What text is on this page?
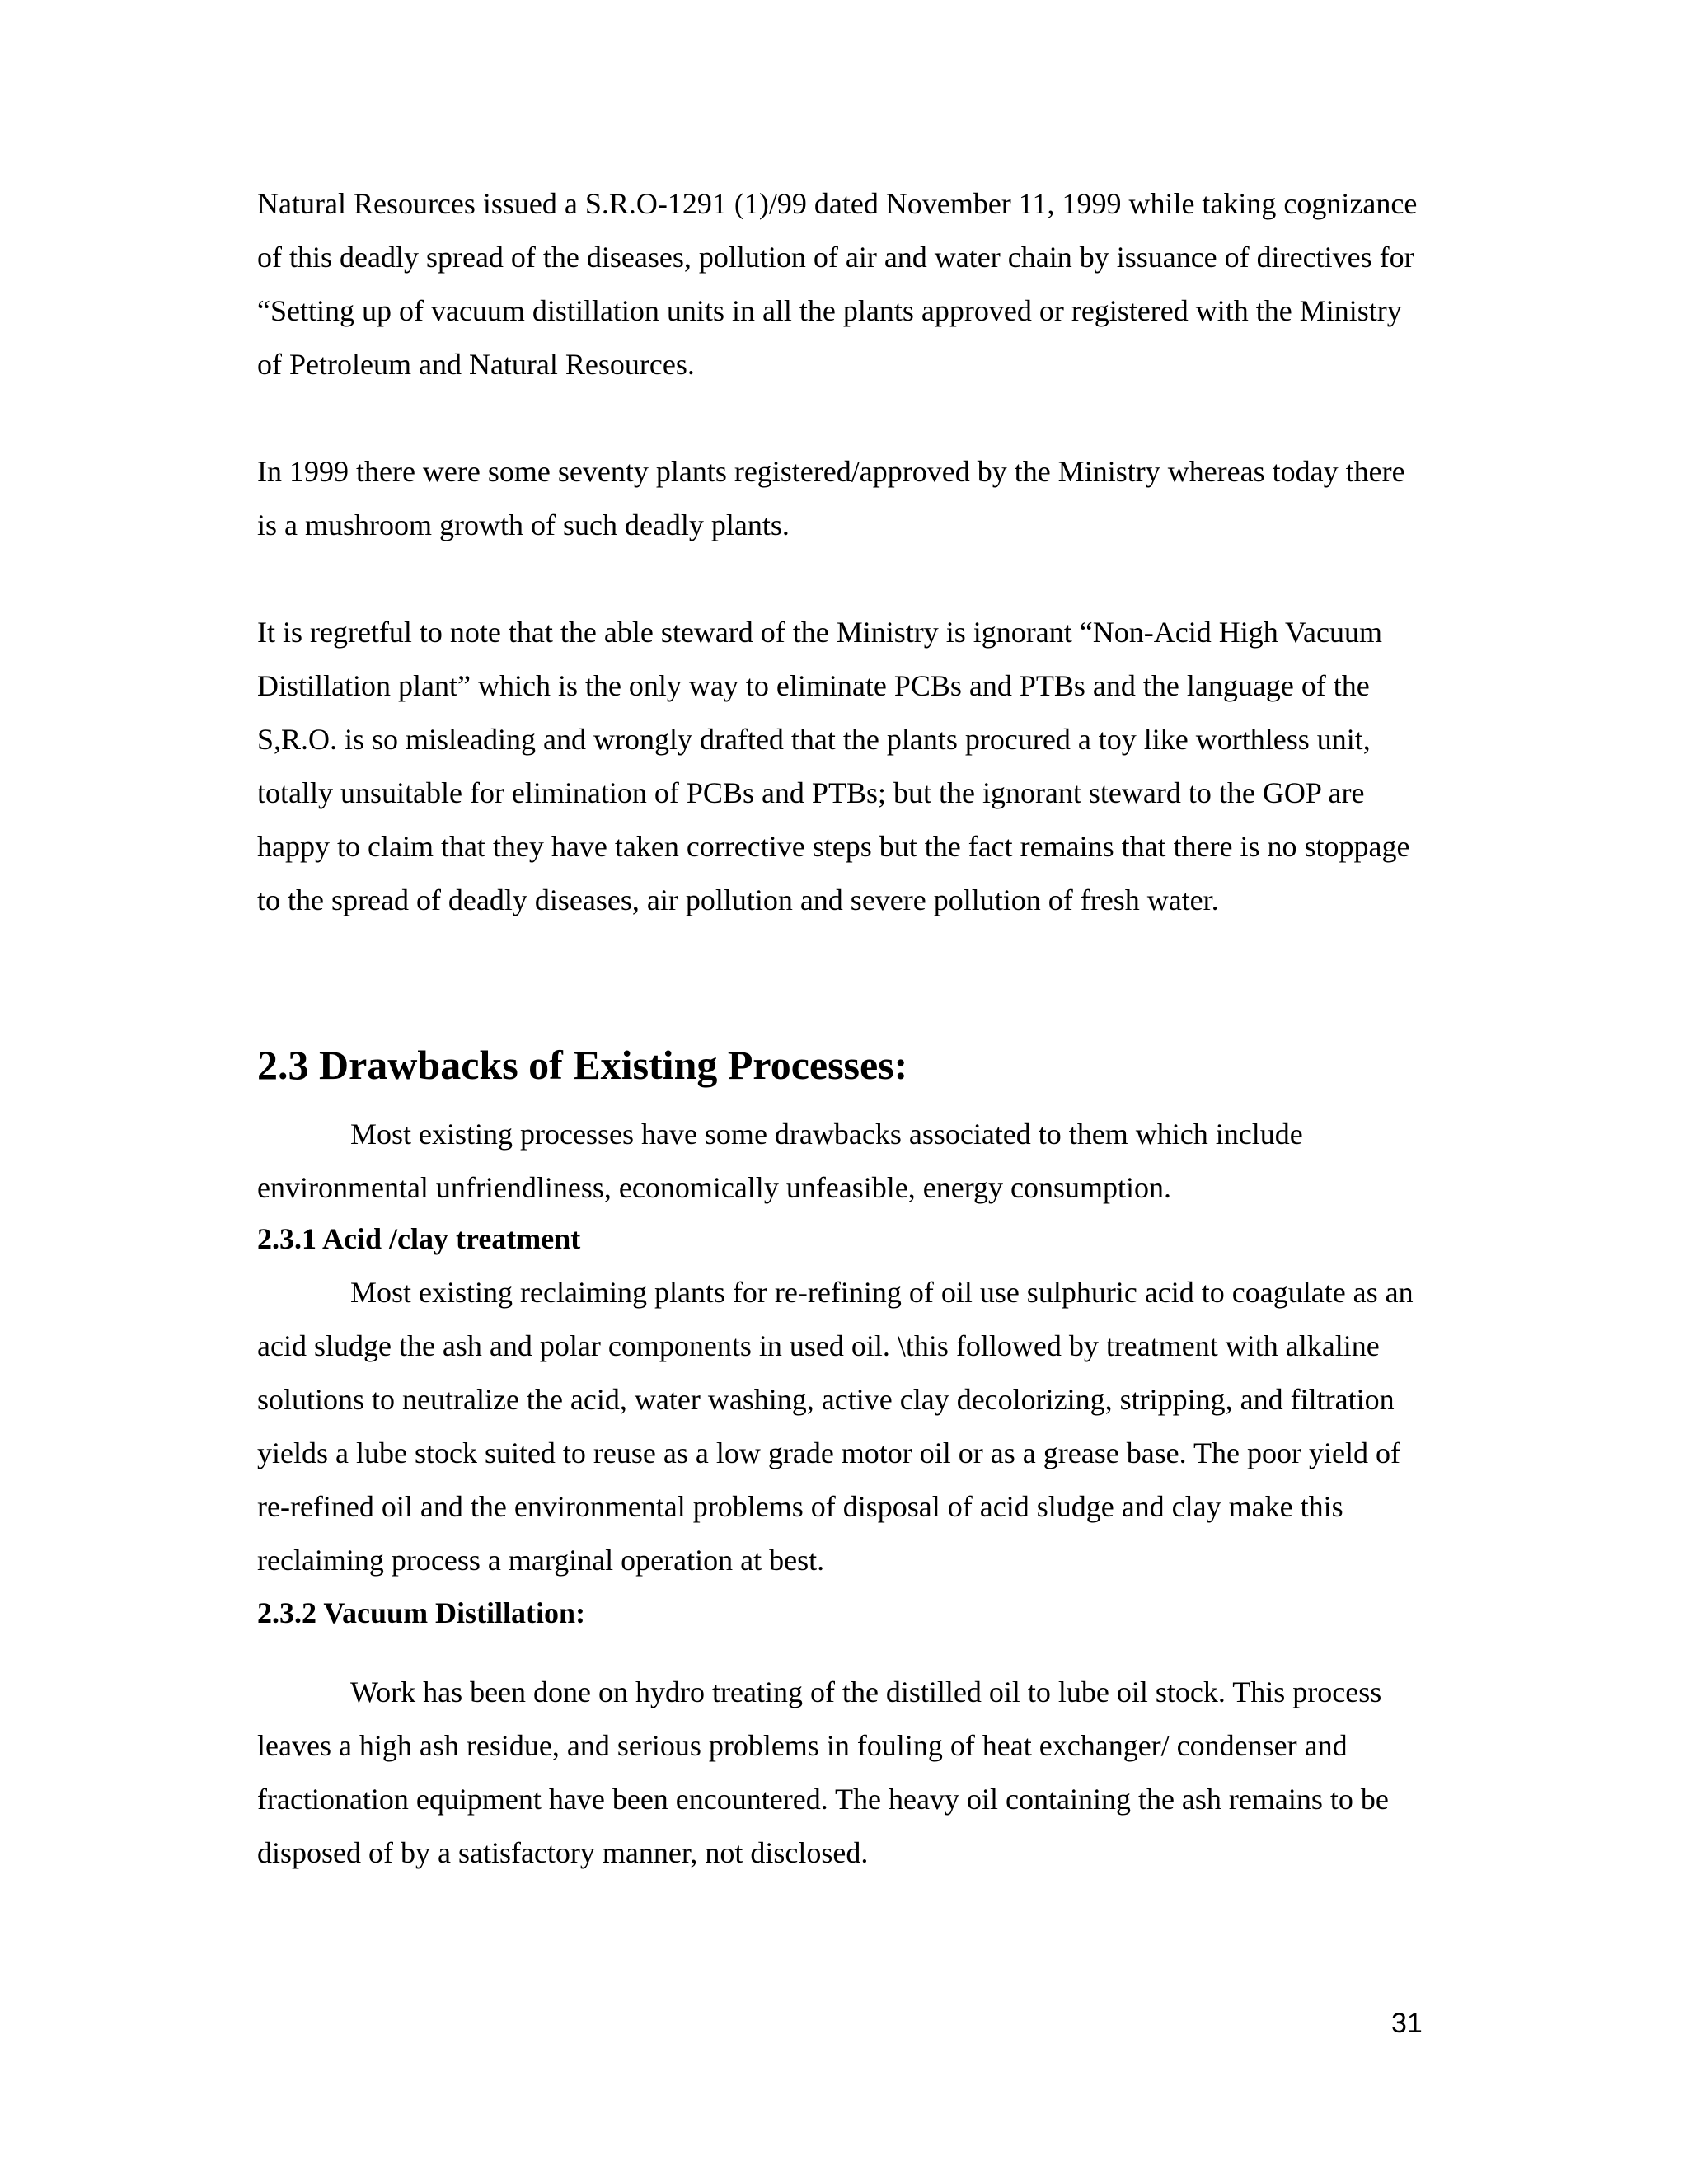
Natural Resources issued a S.R.O-1291 (1)/99 dated November 11, 1999 while taking cognizance of this deadly spread of the diseases, pollution of air and water chain by issuance of directives for “Setting up of vacuum distillation units in all the plants approved or registered with the Ministry of Petroleum and Natural Resources.

In 1999 there were some seventy plants registered/approved by the Ministry whereas today there is a mushroom growth of such deadly plants.

It is regretful to note that the able steward of the Ministry is ignorant “Non-Acid High Vacuum Distillation plant” which is the only way to eliminate PCBs and PTBs and the language of the S,R.O. is so misleading and wrongly drafted that the plants procured a toy like worthless unit, totally unsuitable for elimination of PCBs and PTBs; but the ignorant steward to the GOP are happy to claim that they have taken corrective steps but the fact remains that there is no stoppage to the spread of deadly diseases, air pollution and severe pollution of fresh water.

2.3 Drawbacks of Existing Processes:

Most existing processes have some drawbacks associated to them which include environmental unfriendliness, economically unfeasible, energy consumption.

2.3.1 Acid /clay treatment

Most existing reclaiming plants for re-refining of oil use sulphuric acid to coagulate as an acid sludge the ash and polar components in used oil. \this followed by treatment with alkaline solutions to neutralize the acid, water washing, active clay decolorizing, stripping, and filtration yields a lube stock suited to reuse as a low grade motor oil or as a grease base. The poor yield of re-refined oil and the environmental problems of disposal of acid sludge and clay make this reclaiming process a marginal operation at best.

2.3.2 Vacuum Distillation:

Work has been done on hydro treating of the distilled oil to lube oil stock. This process leaves a high ash residue, and serious problems in fouling of heat exchanger/ condenser and fractionation equipment have been encountered. The heavy oil containing the ash remains to be disposed of by a satisfactory manner, not disclosed.

31
